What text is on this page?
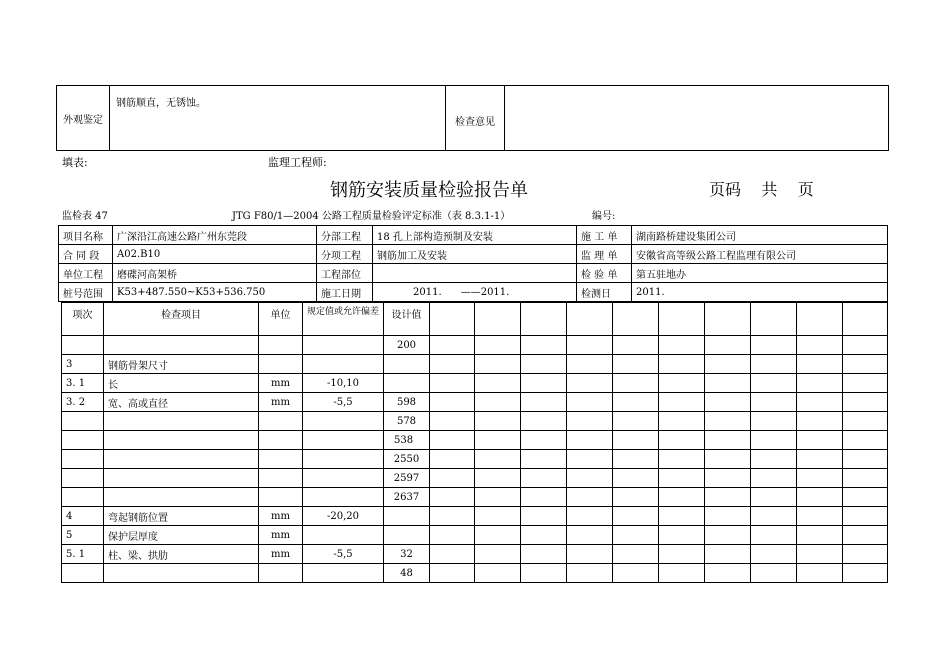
外观鉴定	钢筋顺直，无锈蚀。	检查意见	
填表:	监理工程师:
钢筋安装质量检验报告单	页码    共    页
监检表 47	JTG F80/1—2004 公路工程质量检验评定标准（表 8.3.1-1）	编号:
项目名称	广深沿江高速公路广州东莞段	分部工程	18 孔上部构造预制及安装	施 工 单	湖南路桥建设集团公司
合 同 段	A02.B10	分项工程	钢筋加工及安装	监 理 单	安徽省高等级公路工程监理有限公司
单位工程	磨碟河高架桥	工程部位		检 验 单	第五驻地办
桩号范围	K53+487.550~K53+536.750	施工日期	2011.      ——2011.	检测日	2011.
项次	检查项目	单位	规定值或允许偏差	设计值										
				200										
3	钢筋骨架尺寸													
3. 1	长	mm	-10,10											
3. 2	宽、高或直径	mm	-5,5	598										
				578										
				538										
				2550										
				2597										
				2637										
4	弯起钢筋位置	mm	-20,20											
5	保护层厚度	mm												
5. 1	柱、梁、拱肋	mm	-5,5	32										
				48										
